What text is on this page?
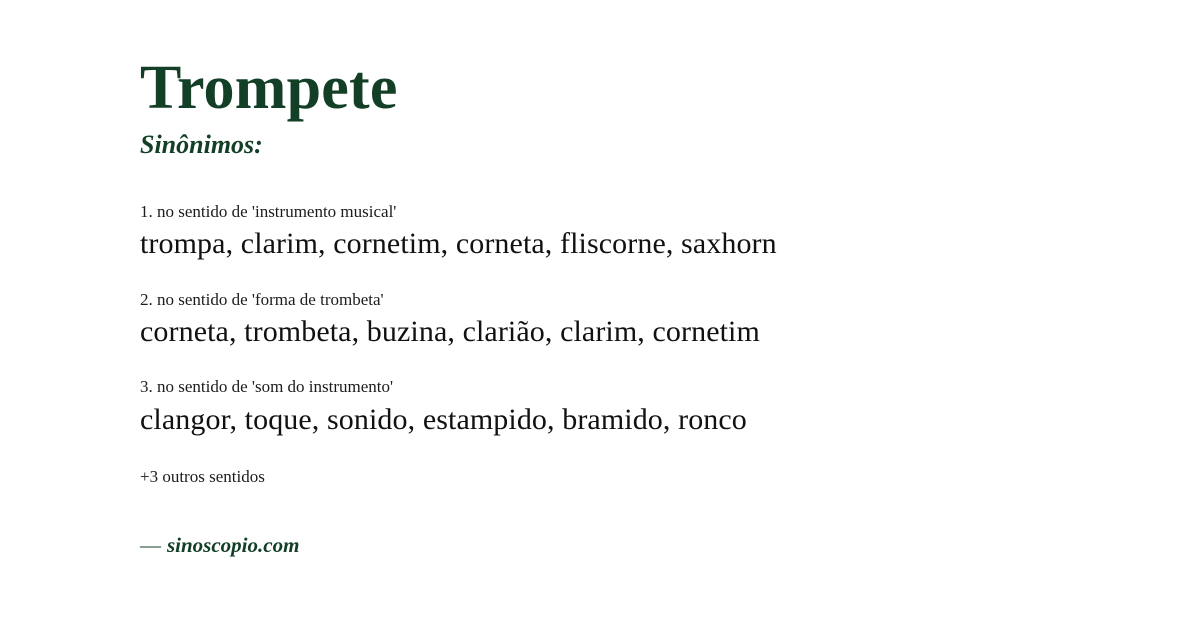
Trompete
Sinônimos:
1. no sentido de 'instrumento musical'
trompa, clarim, cornetim, corneta, fliscorne, saxhorn
2. no sentido de 'forma de trombeta'
corneta, trombeta, buzina, clarião, clarim, cornetim
3. no sentido de 'som do instrumento'
clangor, toque, sonido, estampido, bramido, ronco
+3 outros sentidos
— sinoscopio.com
